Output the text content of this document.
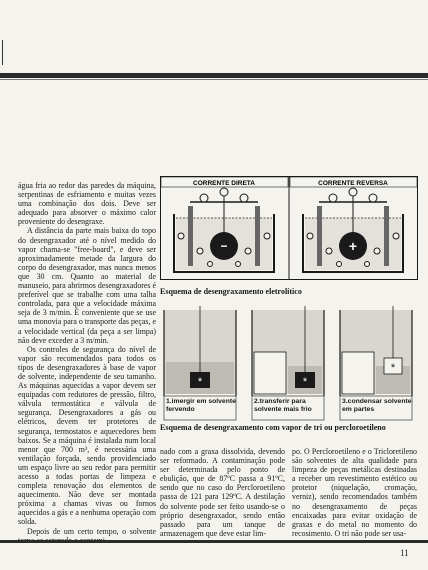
água fria ao redor das paredes da máquina, serpentinas de esfriamento e muitas vezes uma combinação dos dois. Deve ser adequado para absorver o máximo calor proveniente do desengraxe.

A distância da parte mais baixa do topo do desengraxador até o nível medido do vapor chama-se "free-board", e deve ser aproximadamente metade da largura do corpo do desengraxador, mas nunca menos que 30 cm. Quanto ao material de manuseio, para abrirmos desengraxadores é preferível que se trabalhe com uma talha controlada, para que a velocidade máxima seja de 3 m/min. É conveniente que se use uma monovia para o transporte das peças, e a velocidade vertical (da peça a ser limpa) não deve exceder a 3 m/min.

Os controles de segurança do nível de vapor são recomendados para todos os tipos de desengraxadores à base de vapor de solvente, independente de seu tamanho. As máquinas aquecidas a vapor devem ser equipadas com redutores de pressão, filtro, válvula termostática e válvula de segurança. Desengraxadores a gás ou elétricos, devem ter protetores de segurança, termostatos e aquecedores bem baixos. Se a máquina é instalada num local menor que 700 m³, é necessária uma ventilação forçada, sendo providenciado um espaço livre ao seu redor para permitir acesso a todas portas de limpeza e completa renovação dos elementos de aquecimento. Não deve ser montada próxima a chamas vivas ou fornos aquecidos a gás e a nenhuma operação com solda.

Depois de um certo tempo, o solvente

CORRENTE DIRETA	CORRENTE REVERSA
−	+
Esquema de desengraxamento eletrolítico
*	*
*
1.imergir em solvente fervendo
2.transferir para solvente mais frio
3.condensar solvente em partes
Esquema de desengraxamento com vapor de tri ou percloroetileno

nado com a graxa dissolvida, devendo ser reformado. A contaminação pode ser determinada pelo ponto de ebulição, que de 87ºC passa a 91ºC, sendo que no caso do Percloroetileno passa de 121 para 129ºC. A destilação do solvente pode ser feito usando-se o próprio desengraxador, sendo então passado para um tanque de armazenagem que deve estar lim-

po. O Percloroetileno e o Tricloretileno são solventes de alta qualidade para limpeza de peças metálicas destinadas a receber um revestimento estético ou protetor (niquelação, cromação, verniz), sendo recomendados também no desengraxamento de peças encaixadas para evitar oxidação de graxas e do metal no momento do recosimento. O tri não pode ser usa-

11
